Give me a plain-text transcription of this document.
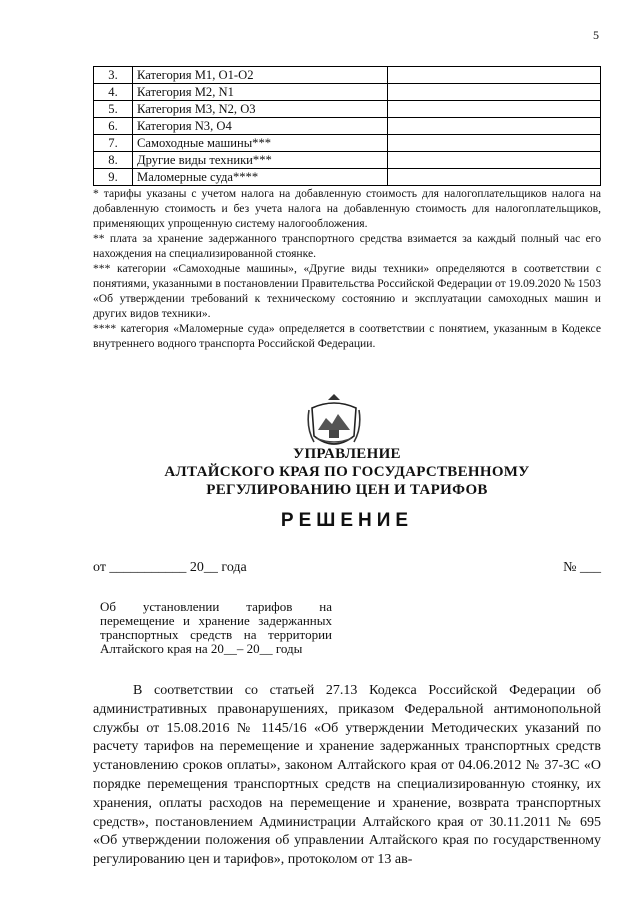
5
3.	Категория М1, О1-О2	
4.	Категория М2, N1	
5.	Категория М3, N2, О3	
6.	Категория N3, О4	
7.	Самоходные машины***	
8.	Другие виды техники***	
9.	Маломерные суда****	

* тарифы указаны с учетом налога на добавленную стоимость для налогоплательщиков налога на добавленную стоимость и без учета налога на добавленную стоимость для налогоплательщиков, применяющих упрощенную систему налогообложения.

** плата за хранение задержанного транспортного средства взимается за каждый полный час его нахождения на специализированной стоянке.

*** категории «Самоходные машины», «Другие виды техники» определяются в соответствии с понятиями, указанными в постановлении Правительства Российской Федерации от 19.09.2020 № 1503 «Об утверждении требований к техническому состоянию и эксплуатации самоходных машин и других видов техники».

**** категория «Маломерные суда» определяется в соответствии с понятием, указанным в Кодексе внутреннего водного транспорта Российской Федерации.

УПРАВЛЕНИЕ
АЛТАЙСКОГО КРАЯ ПО ГОСУДАРСТВЕННОМУ
РЕГУЛИРОВАНИЮ ЦЕН И ТАРИФОВ
РЕШЕНИЕ
от ___________ 20__ года	№ ___

Об установлении тарифов на перемещение и хранение задержанных транспортных средств на территории Алтайского края на 20__– 20__ годы

В соответствии со статьей 27.13 Кодекса Российской Федерации об административных правонарушениях, приказом Федеральной антимонопольной службы от 15.08.2016 № 1145/16 «Об утверждении Методических указаний по расчету тарифов на перемещение и хранение задержанных транспортных средств установлению сроков оплаты», законом Алтайского края от 04.06.2012 № 37-ЗС «О порядке перемещения транспортных средств на специализированную стоянку, их хранения, оплаты расходов на перемещение и хранение, возврата транспортных средств», постановлением Администрации Алтайского края от 30.11.2011 № 695 «Об утверждении положения об управлении Алтайского края по государственному регулированию цен и тарифов», протоколом от 13 ав-
